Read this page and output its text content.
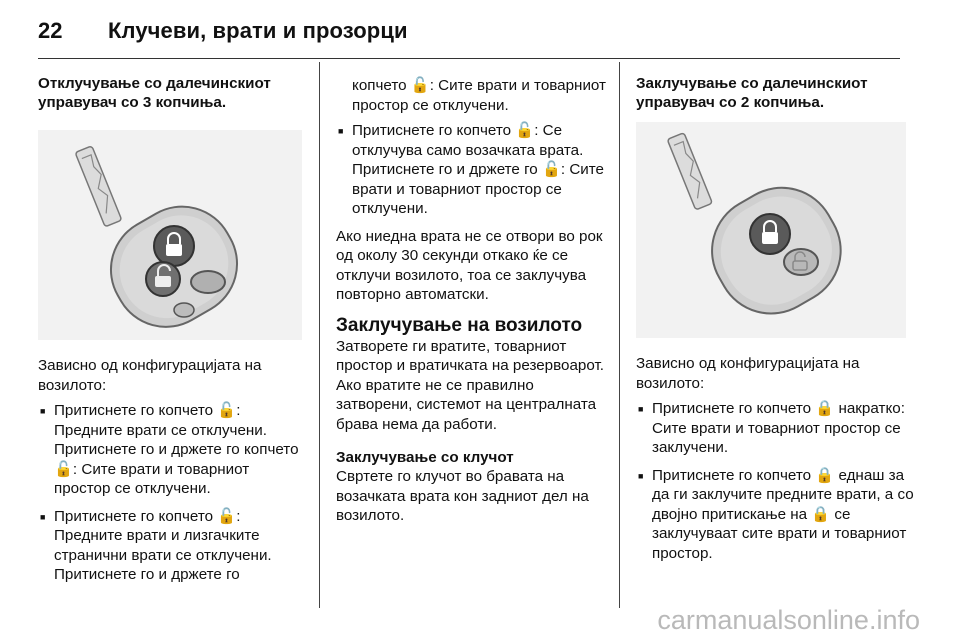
22	Клучеви, врати и прозорци
Отклучување со далечинскиот управувач со 3 копчиња.
Зависно од конфигурацијата на возилото:
■ Притиснете го копчето 🔓: Предните врати се отклучени. Притиснете го и држете го копчето 🔓: Сите врати и товарниот простор се отклучени.
■ Притиснете го копчето 🔓: Предните врати и лизгачките странични врати се отклучени. Притиснете го и држете го
копчето 🔓: Сите врати и товарниот простор се отклучени.
■ Притиснете го копчето 🔓: Се отклучува само возачката врата. Притиснете го и држете го 🔓: Сите врати и товарниот простор се отклучени.
Ако ниедна врата не се отвори во рок од околу 30 секунди откако ќе се отклучи возилото, тоа се заклучува повторно автоматски.
Заклучување на возилото
Затворете ги вратите, товарниот простор и вратичката на резервоарот. Ако вратите не се правилно затворени, системот на централната брава нема да работи.
Заклучување со клучот
Свртете го клучот во бравата на возачката врата кон задниот дел на возилото.
Заклучување со далечинскиот управувач со 2 копчиња.
Зависно од конфигурацијата на возилото:
■ Притиснете го копчето 🔒 накратко: Сите врати и товарниот простор се заклучени.
■ Притиснете го копчето 🔒 еднаш за да ги заклучите предните врати, а со двојно притискање на 🔒 се заклучуваат сите врати и товарниот простор.
carmanualsonline.info
